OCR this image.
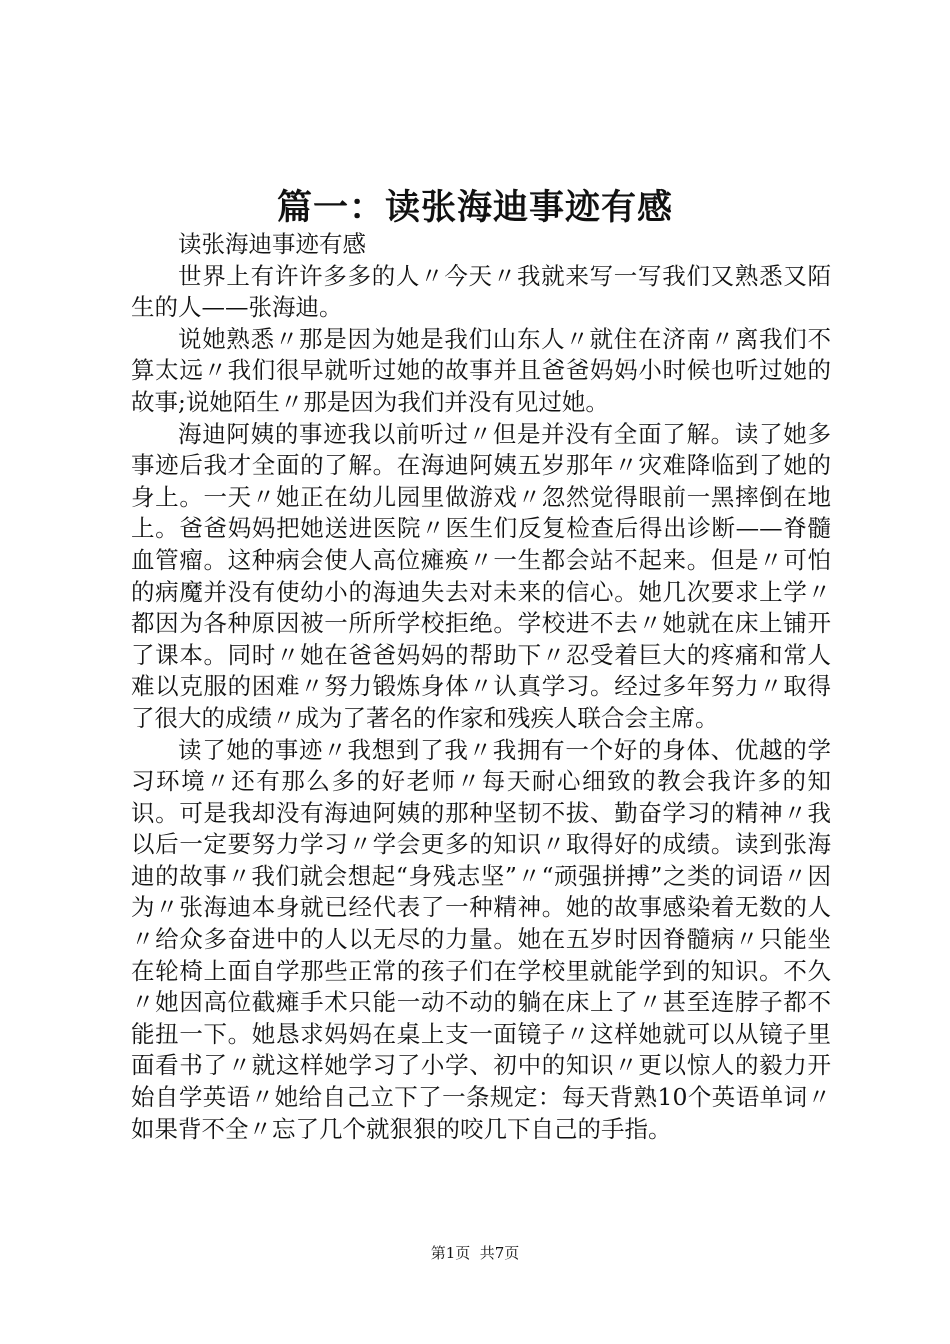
篇一：读张海迪事迹有感

读张海迪事迹有感

世界上有许许多多的人〃今天〃我就来写一写我们又熟悉又陌生的人——张海迪。

说她熟悉〃那是因为她是我们山东人〃就住在济南〃离我们不算太远〃我们很早就听过她的故事并且爸爸妈妈小时候也听过她的故事;说她陌生〃那是因为我们并没有见过她。

海迪阿姨的事迹我以前听过〃但是并没有全面了解。读了她多事迹后我才全面的了解。在海迪阿姨五岁那年〃灾难降临到了她的身上。一天〃她正在幼儿园里做游戏〃忽然觉得眼前一黑摔倒在地上。爸爸妈妈把她送进医院〃医生们反复检查后得出诊断——脊髓血管瘤。这种病会使人高位瘫痪〃一生都会站不起来。但是〃可怕的病魔并没有使幼小的海迪失去对未来的信心。她几次要求上学〃都因为各种原因被一所所学校拒绝。学校进不去〃她就在床上铺开了课本。同时〃她在爸爸妈妈的帮助下〃忍受着巨大的疼痛和常人难以克服的困难〃努力锻炼身体〃认真学习。经过多年努力〃取得了很大的成绩〃成为了著名的作家和残疾人联合会主席。

读了她的事迹〃我想到了我〃我拥有一个好的身体、优越的学习环境〃还有那么多的好老师〃每天耐心细致的教会我许多的知识。可是我却没有海迪阿姨的那种坚韧不拔、勤奋学习的精神〃我以后一定要努力学习〃学会更多的知识〃取得好的成绩。读到张海迪的故事〃我们就会想起“身残志坚”〃“顽强拼搏”之类的词语〃因为〃张海迪本身就已经代表了一种精神。她的故事感染着无数的人〃给众多奋进中的人以无尽的力量。她在五岁时因脊髓病〃只能坐在轮椅上面自学那些正常的孩子们在学校里就能学到的知识。不久〃她因高位截瘫手术只能一动不动的躺在床上了〃甚至连脖子都不能扭一下。她恳求妈妈在桌上支一面镜子〃这样她就可以从镜子里面看书了〃就这样她学习了小学、初中的知识〃更以惊人的毅力开始自学英语〃她给自己立下了一条规定：每天背熟10个英语单词〃如果背不全〃忘了几个就狠狠的咬几下自己的手指。

第1页  共7页
